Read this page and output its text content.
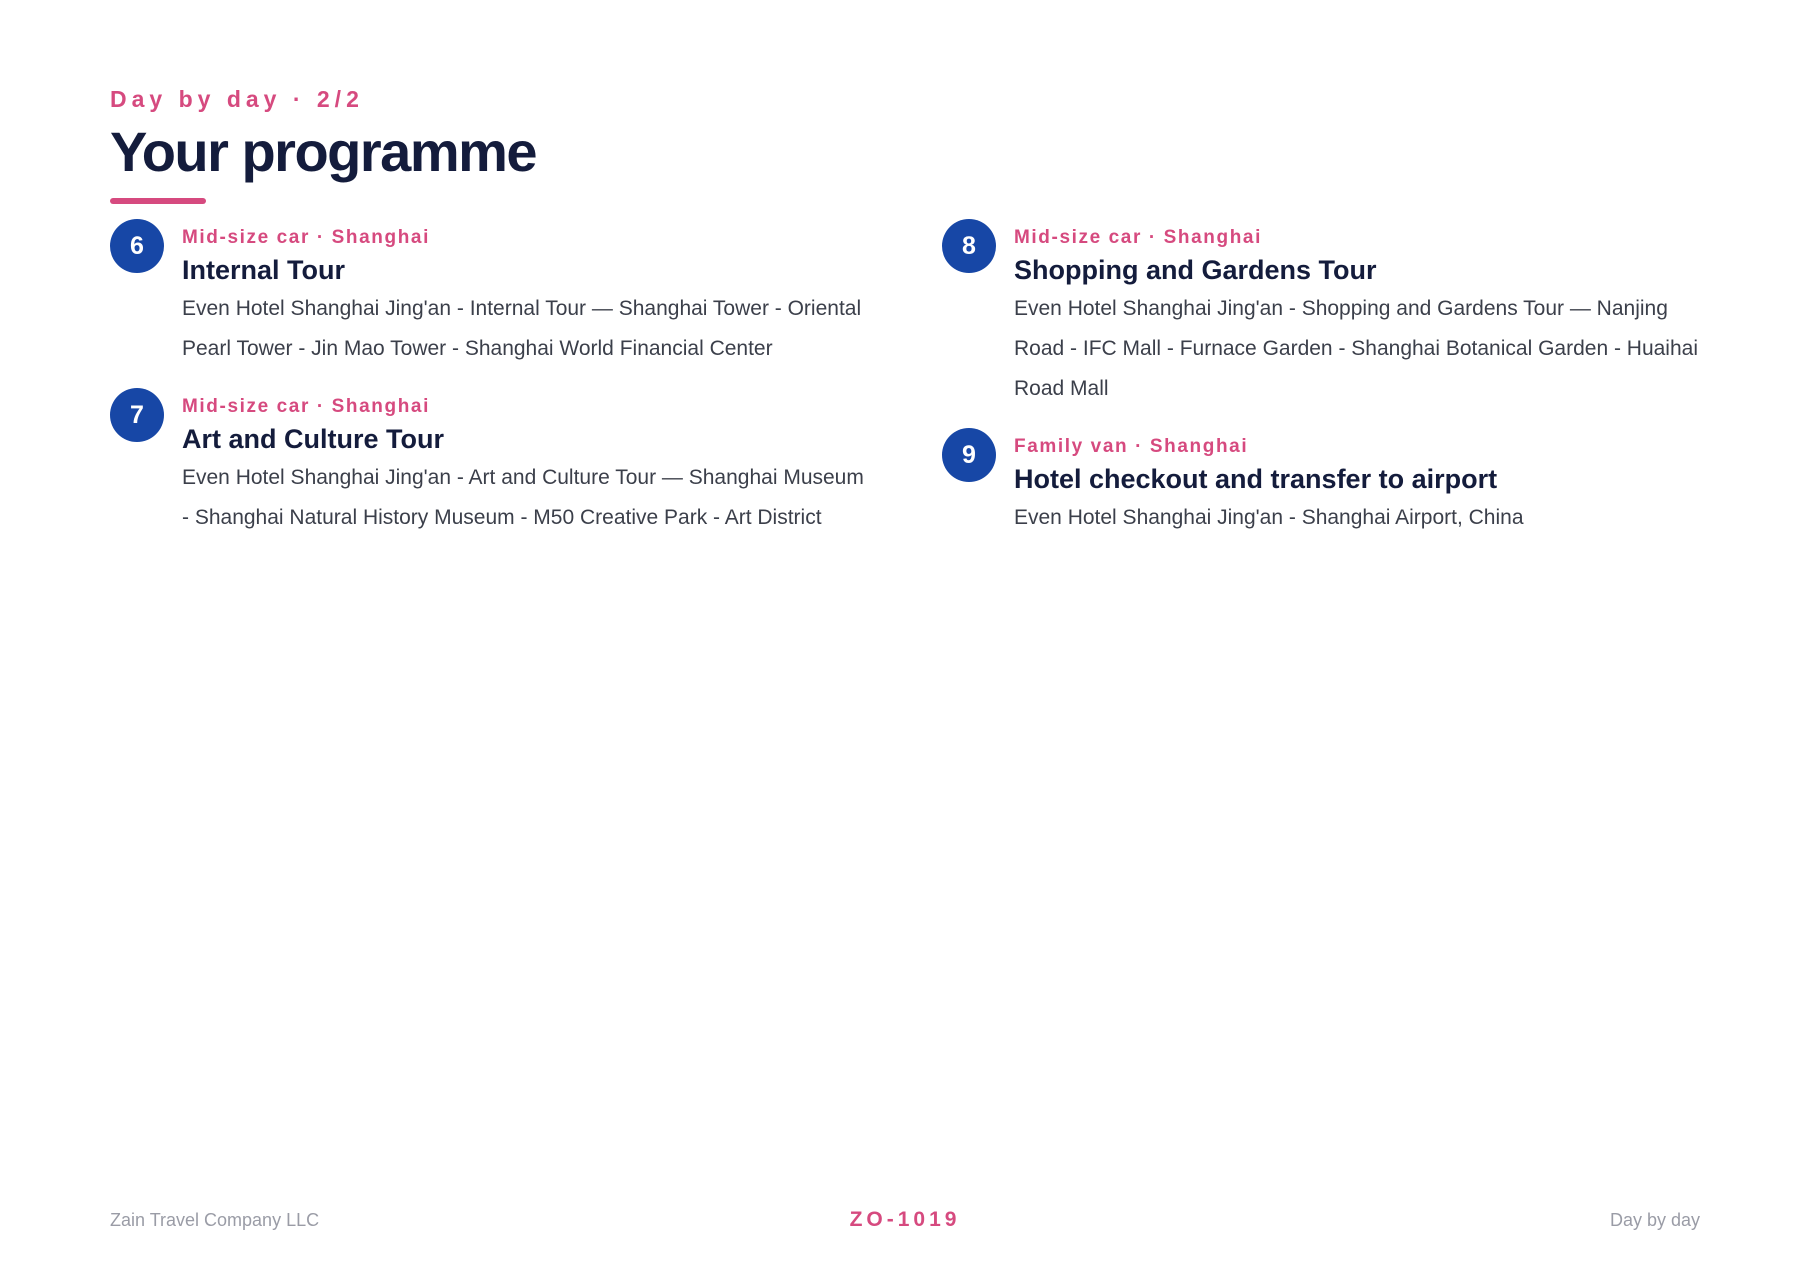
Day by day · 2/2
Your programme
6	Mid-size car · Shanghai
Internal Tour
Even Hotel Shanghai Jing'an - Internal Tour — Shanghai Tower - Oriental Pearl Tower - Jin Mao Tower - Shanghai World Financial Center
7	Mid-size car · Shanghai
Art and Culture Tour
Even Hotel Shanghai Jing'an - Art and Culture Tour — Shanghai Museum - Shanghai Natural History Museum - M50 Creative Park - Art District
8	Mid-size car · Shanghai
Shopping and Gardens Tour
Even Hotel Shanghai Jing'an - Shopping and Gardens Tour — Nanjing Road - IFC Mall - Furnace Garden - Shanghai Botanical Garden - Huaihai Road Mall
9	Family van · Shanghai
Hotel checkout and transfer to airport
Even Hotel Shanghai Jing'an - Shanghai Airport, China
Zain Travel Company LLC	ZO-1019	Day by day
